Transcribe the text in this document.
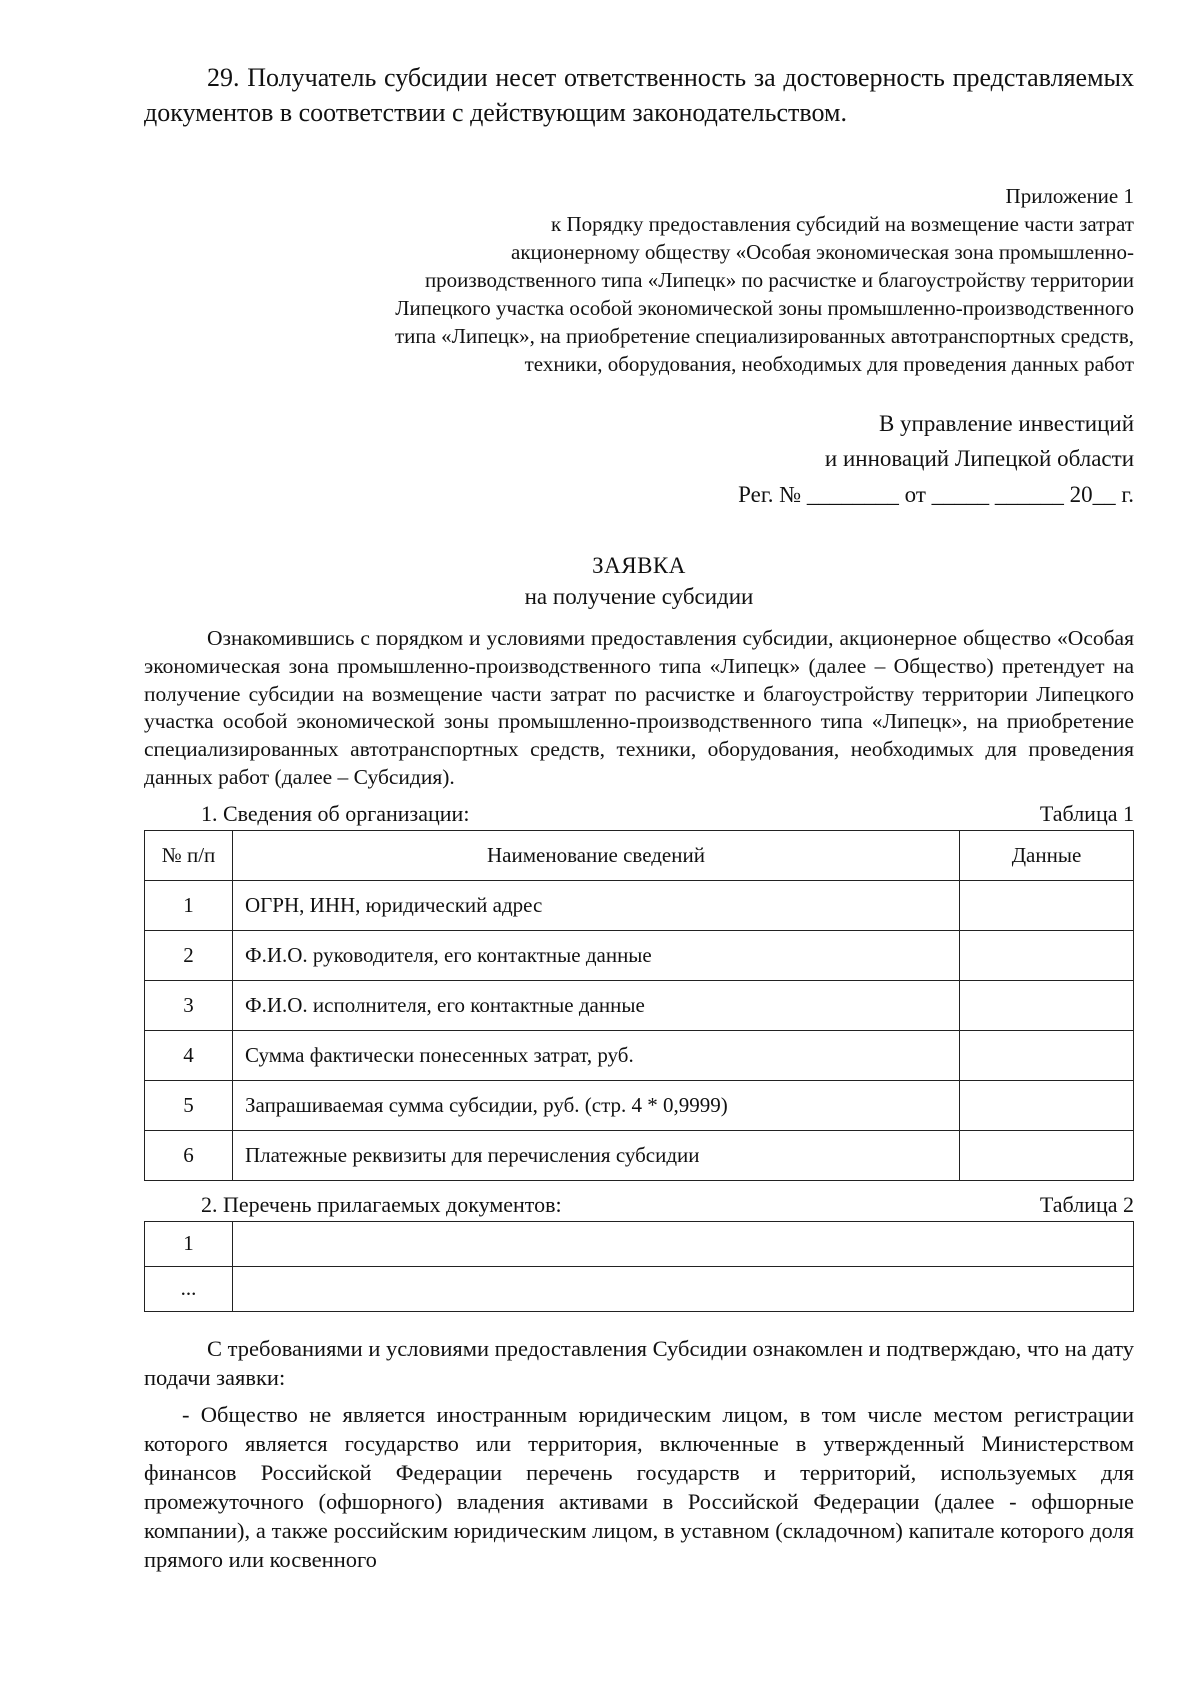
29. Получатель субсидии несет ответственность за достоверность представляемых документов в соответствии с действующим законодательством.

Приложение 1
к Порядку предоставления субсидий на возмещение части затрат
акционерному обществу «Особая экономическая зона промышленно-
производственного типа «Липецк» по расчистке и благоустройству территории
Липецкого участка особой экономической зоны промышленно-производственного
типа «Липецк», на приобретение специализированных автотранспортных средств,
техники, оборудования, необходимых для проведения данных работ
В управление инвестиций
и инноваций Липецкой области
Рег. № ________ от _____ ______ 20__ г.
ЗАЯВКА
на получение субсидии

Ознакомившись с порядком и условиями предоставления субсидии, акционерное общество «Особая экономическая зона промышленно-производственного типа «Липецк» (далее – Общество) претендует на получение субсидии на возмещение части затрат по расчистке и благоустройству территории Липецкого участка особой экономической зоны промышленно-производственного типа «Липецк», на приобретение специализированных автотранспортных средств, техники, оборудования, необходимых для проведения данных работ (далее – Субсидия).

1. Сведения об организации:	Таблица 1
№ п/п	Наименование сведений	Данные
1	ОГРН, ИНН, юридический адрес	
2	Ф.И.О. руководителя, его контактные данные	
3	Ф.И.О. исполнителя, его контактные данные	
4	Сумма фактически понесенных затрат, руб.	
5	Запрашиваемая сумма субсидии, руб. (стр. 4 * 0,9999)	
6	Платежные реквизиты для перечисления субсидии	
2. Перечень прилагаемых документов:	Таблица 2
1	
...	

С требованиями и условиями предоставления Субсидии ознакомлен и подтверждаю, что на дату подачи заявки:

- Общество не является иностранным юридическим лицом, в том числе местом регистрации которого является государство или территория, включенные в утвержденный Министерством финансов Российской Федерации перечень государств и территорий, используемых для промежуточного (офшорного) владения активами в Российской Федерации (далее - офшорные компании), а также российским юридическим лицом, в уставном (складочном) капитале которого доля прямого или косвенного
